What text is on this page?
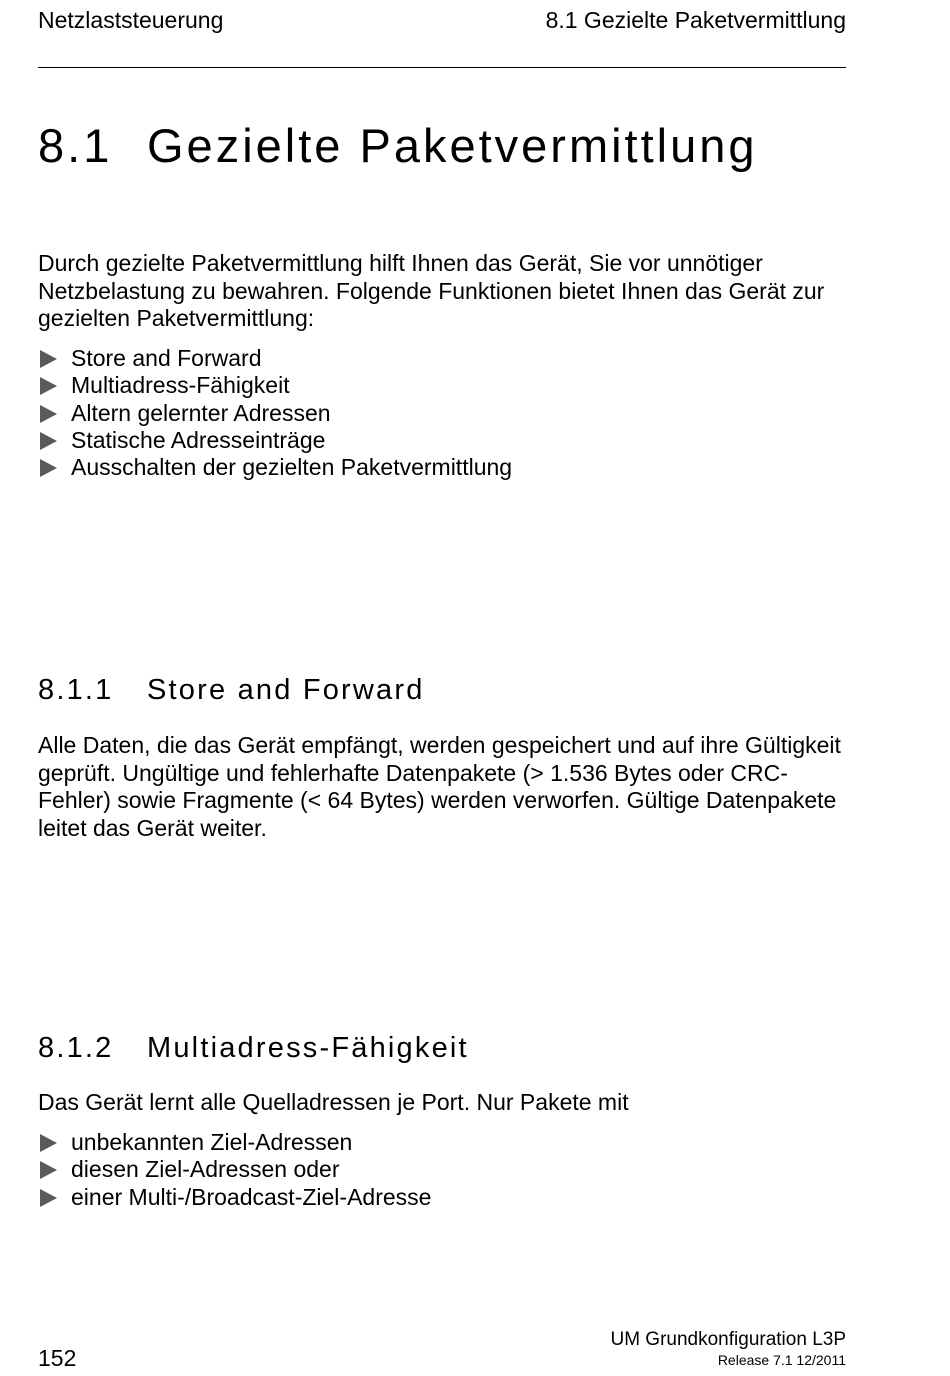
Netzlaststeuerung	8.1 Gezielte Paketvermittlung
8.1 Gezielte Paketvermittlung
Durch gezielte Paketvermittlung hilft Ihnen das Gerät, Sie vor unnötiger Netzbelastung zu bewahren. Folgende Funktionen bietet Ihnen das Gerät zur gezielten Paketvermittlung:
Store and Forward
Multiadress-Fähigkeit
Altern gelernter Adressen
Statische Adresseinträge
Ausschalten der gezielten Paketvermittlung
8.1.1 Store and Forward
Alle Daten, die das Gerät empfängt, werden gespeichert und auf ihre Gültigkeit geprüft. Ungültige und fehlerhafte Datenpakete (> 1.536 Bytes oder CRC-Fehler) sowie Fragmente (< 64 Bytes) werden verworfen. Gültige Datenpakete leitet das Gerät weiter.
8.1.2 Multiadress-Fähigkeit
Das Gerät lernt alle Quelladressen je Port. Nur Pakete mit
unbekannten Ziel-Adressen
diesen Ziel-Adressen oder
einer Multi-/Broadcast-Ziel-Adresse
152
UM Grundkonfiguration L3P
Release 7.1 12/2011
